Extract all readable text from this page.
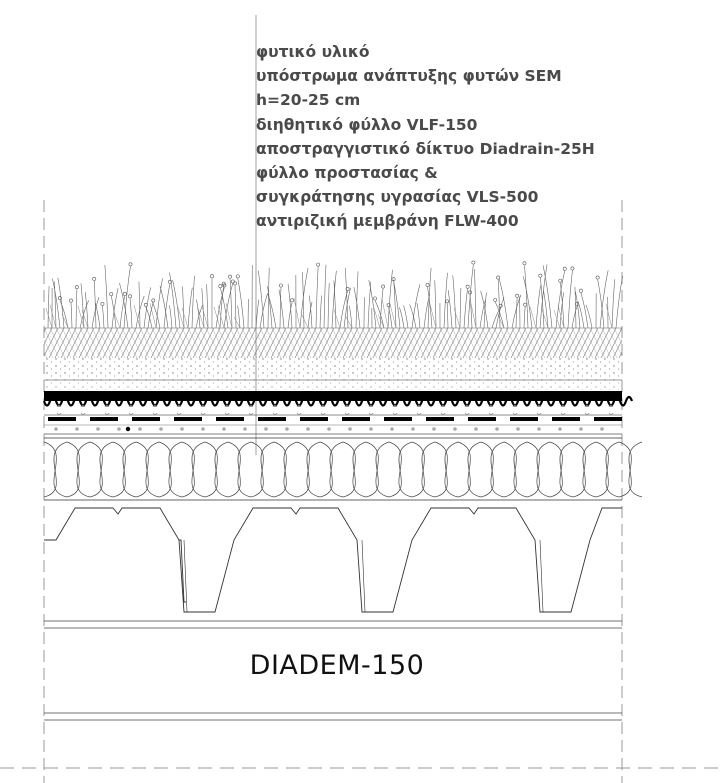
φυτικό υλικό
υπόστρωμα ανάπτυξης φυτών SEM
h=20-25 cm
διηθητικό φύλλο VLF-150
αποστραγγιστικό δίκτυο Diadrain-25H
φύλλο προστασίας &
συγκράτησης υγρασίας VLS-500
αντιριζική μεμβράνη FLW-400
DIADEM-150
